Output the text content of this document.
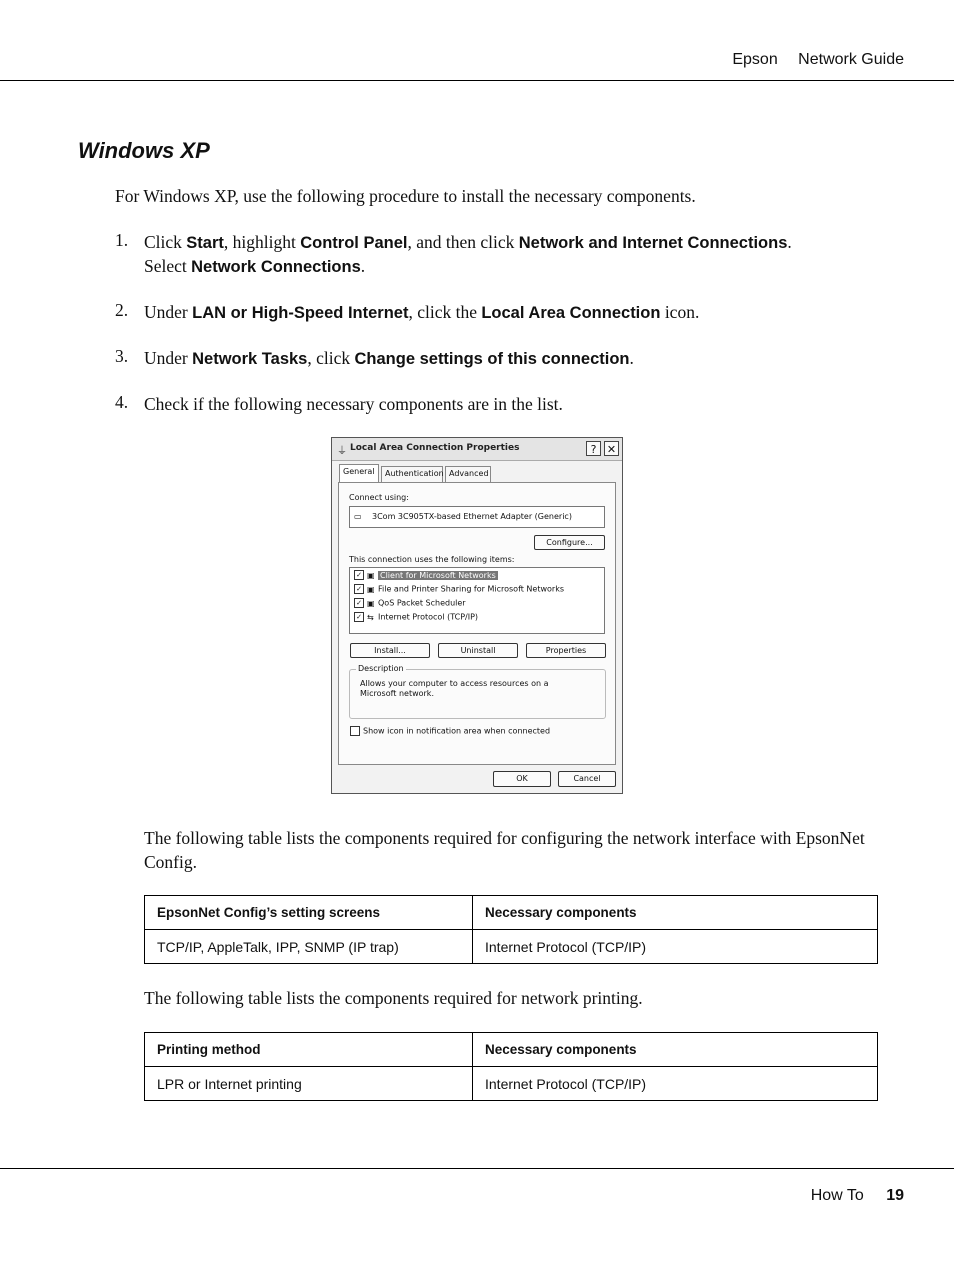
Epson Network Guide
Windows XP
For Windows XP, use the following procedure to install the necessary components.
1. Click Start, highlight Control Panel, and then click Network and Internet Connections.
Select Network Connections.
2. Under LAN or High-Speed Internet, click the Local Area Connection icon.
3. Under Network Tasks, click Change settings of this connection.
4. Check if the following necessary components are in the list.
⏚ Local Area Connection Properties	? ✕
General	Authentication Advanced
Connect using:
▭ 3Com 3C905TX-based Ethernet Adapter (Generic)
Configure...
This connection uses the following items:
✓ ▣ Client for Microsoft Networks
✓ ▣ File and Printer Sharing for Microsoft Networks
✓ ▣ QoS Packet Scheduler
✓ ⇆ Internet Protocol (TCP/IP)
Install...	Uninstall	Properties
Description
Allows your computer to access resources on a Microsoft network.
Show icon in notification area when connected
OK	Cancel
The following table lists the components required for configuring the network interface with EpsonNet Config.
EpsonNet Config’s setting screens	Necessary components
TCP/IP, AppleTalk, IPP, SNMP (IP trap)	Internet Protocol (TCP/IP)
The following table lists the components required for network printing.
Printing method	Necessary components
LPR or Internet printing	Internet Protocol (TCP/IP)
How To 19
